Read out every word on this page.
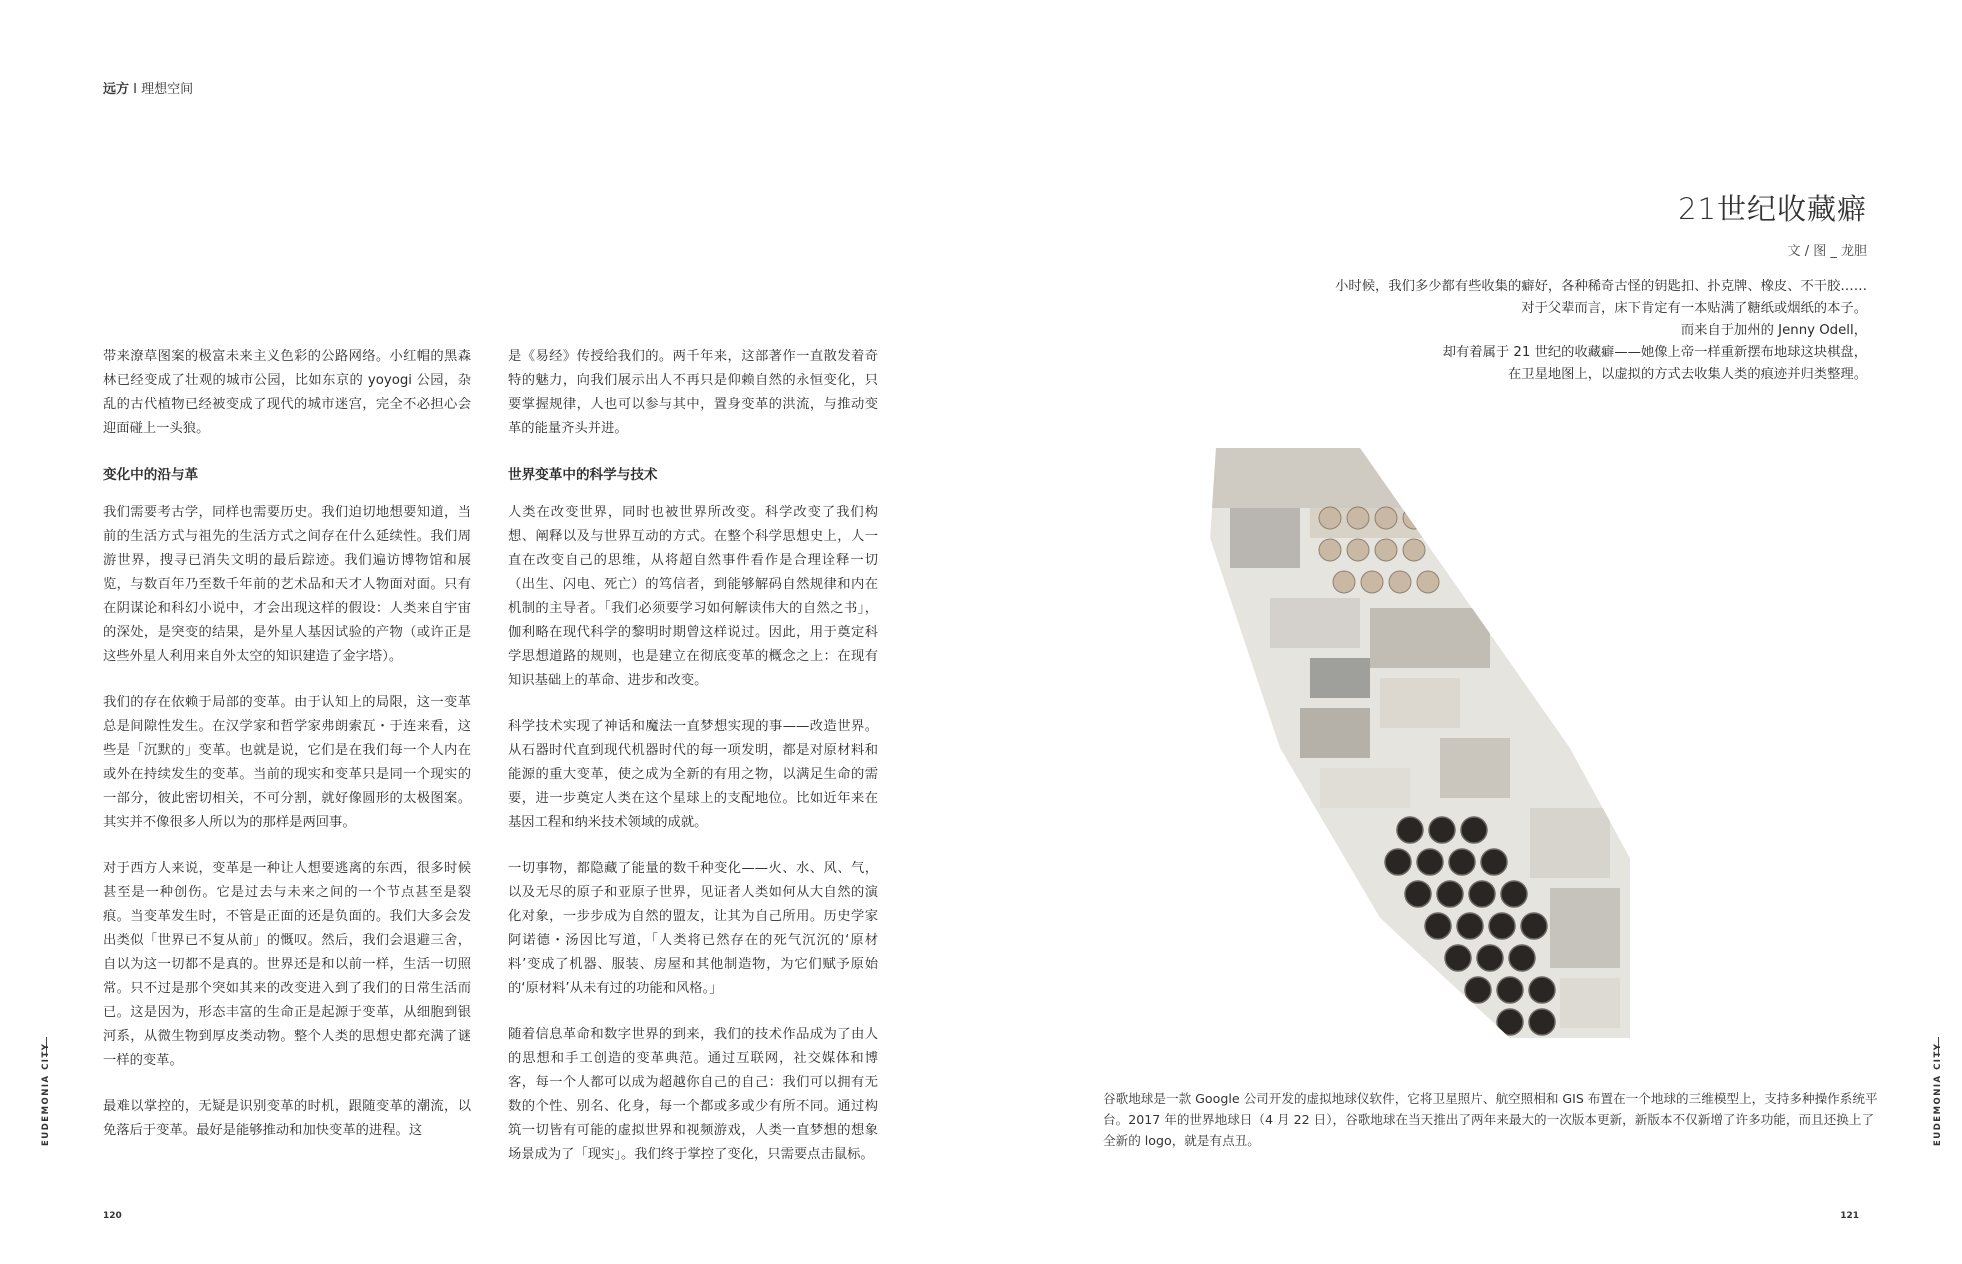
远方 I 理想空间

带来潦草图案的极富未来主义色彩的公路网络。小红帽的黑森林已经变成了壮观的城市公园，比如东京的 yoyogi 公园，杂乱的古代植物已经被变成了现代的城市迷宫，完全不必担心会迎面碰上一头狼。

变化中的沿与革

我们需要考古学，同样也需要历史。我们迫切地想要知道，当前的生活方式与祖先的生活方式之间存在什么延续性。我们周游世界，搜寻已消失文明的最后踪迹。我们遍访博物馆和展览，与数百年乃至数千年前的艺术品和天才人物面对面。只有在阴谋论和科幻小说中，才会出现这样的假设：人类来自宇宙的深处，是突变的结果，是外星人基因试验的产物（或许正是这些外星人利用来自外太空的知识建造了金字塔）。

我们的存在依赖于局部的变革。由于认知上的局限，这一变革总是间隙性发生。在汉学家和哲学家弗朗索瓦・于连来看，这些是「沉默的」变革。也就是说，它们是在我们每一个人内在或外在持续发生的变革。当前的现实和变革只是同一个现实的一部分，彼此密切相关，不可分割，就好像圆形的太极图案。其实并不像很多人所以为的那样是两回事。

对于西方人来说，变革是一种让人想要逃离的东西，很多时候甚至是一种创伤。它是过去与未来之间的一个节点甚至是裂痕。当变革发生时，不管是正面的还是负面的。我们大多会发出类似「世界已不复从前」的慨叹。然后，我们会退避三舍，自以为这一切都不是真的。世界还是和以前一样，生活一切照常。只不过是那个突如其来的改变进入到了我们的日常生活而已。这是因为，形态丰富的生命正是起源于变革，从细胞到银河系，从微生物到厚皮类动物。整个人类的思想史都充满了谜一样的变革。

最难以掌控的，无疑是识别变革的时机，跟随变革的潮流，以免落后于变革。最好是能够推动和加快变革的进程。这

是《易经》传授给我们的。两千年来，这部著作一直散发着奇特的魅力，向我们展示出人不再只是仰赖自然的永恒变化，只要掌握规律，人也可以参与其中，置身变革的洪流，与推动变革的能量齐头并进。

世界变革中的科学与技术

人类在改变世界，同时也被世界所改变。科学改变了我们构想、阐释以及与世界互动的方式。在整个科学思想史上，人一直在改变自己的思维，从将超自然事件看作是合理诠释一切（出生、闪电、死亡）的笃信者，到能够解码自然规律和内在机制的主导者。「我们必须要学习如何解读伟大的自然之书」，伽利略在现代科学的黎明时期曾这样说过。因此，用于奠定科学思想道路的规则，也是建立在彻底变革的概念之上：在现有知识基础上的革命、进步和改变。

科学技术实现了神话和魔法一直梦想实现的事——改造世界。从石器时代直到现代机器时代的每一项发明，都是对原材料和能源的重大变革，使之成为全新的有用之物，以满足生命的需要，进一步奠定人类在这个星球上的支配地位。比如近年来在基因工程和纳米技术领域的成就。

一切事物，都隐藏了能量的数千种变化——火、水、风、气，以及无尽的原子和亚原子世界，见证者人类如何从大自然的演化对象，一步步成为自然的盟友，让其为自己所用。历史学家阿诺德・汤因比写道，「人类将已然存在的死气沉沉的‘原材料’变成了机器、服装、房屋和其他制造物，为它们赋予原始的‘原材料’从未有过的功能和风格。」

随着信息革命和数字世界的到来，我们的技术作品成为了由人的思想和手工创造的变革典范。通过互联网，社交媒体和博客，每一个人都可以成为超越你自己的自己：我们可以拥有无数的个性、别名、化身，每一个都或多或少有所不同。通过构筑一切皆有可能的虚拟世界和视频游戏，人类一直梦想的想象场景成为了「现实」。我们终于掌控了变化，只需要点击鼠标。

EUDEMONIA CITY	EUDEMONIA CITY
120	121
21世纪收藏癖
文 / 图 _ 龙胆
小时候，我们多少都有些收集的癖好，各种稀奇古怪的钥匙扣、扑克牌、橡皮、不干胶……
对于父辈而言，床下肯定有一本贴满了糖纸或烟纸的本子。
而来自于加州的 Jenny Odell，
却有着属于 21 世纪的收藏癖——她像上帝一样重新摆布地球这块棋盘，
在卫星地图上，以虚拟的方式去收集人类的痕迹并归类整理。
谷歌地球是一款 Google 公司开发的虚拟地球仪软件，它将卫星照片、航空照相和 GIS 布置在一个地球的三维模型上，支持多种操作系统平台。2017 年的世界地球日（4 月 22 日），谷歌地球在当天推出了两年来最大的一次版本更新，新版本不仅新增了许多功能，而且还换上了全新的 logo，就是有点丑。
